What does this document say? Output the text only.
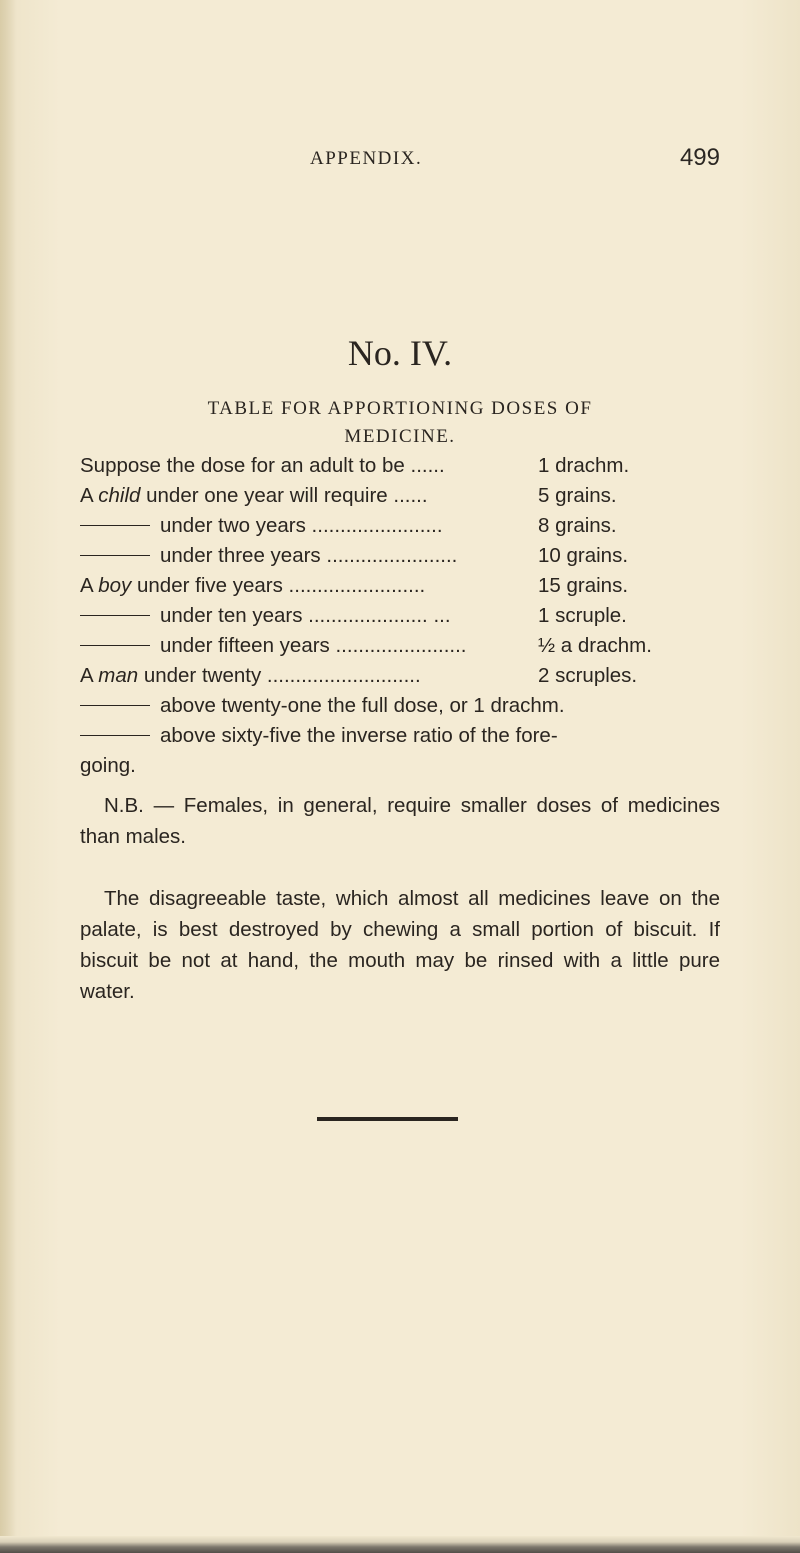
APPENDIX.	499
No. IV.
TABLE FOR APPORTIONING DOSES OF
MEDICINE.
Suppose the dose for an adult to be ......	1 drachm.
A child under one year will require ......	5 grains.
under two years .......................	8 grains.
under three years .......................	10 grains.
A boy under five years ........................	15 grains.
under ten years ..................... ...	1 scruple.
under fifteen years .......................	½ a drachm.
A man under twenty ...........................	2 scruples.
above twenty-one the full dose, or 1 drachm.
above sixty-five the inverse ratio of the fore-
going.
N.B. — Females, in general, require smaller doses of medicines than males.
The disagreeable taste, which almost all medicines leave on the palate, is best destroyed by chewing a small portion of biscuit. If biscuit be not at hand, the mouth may be rinsed with a little pure water.
